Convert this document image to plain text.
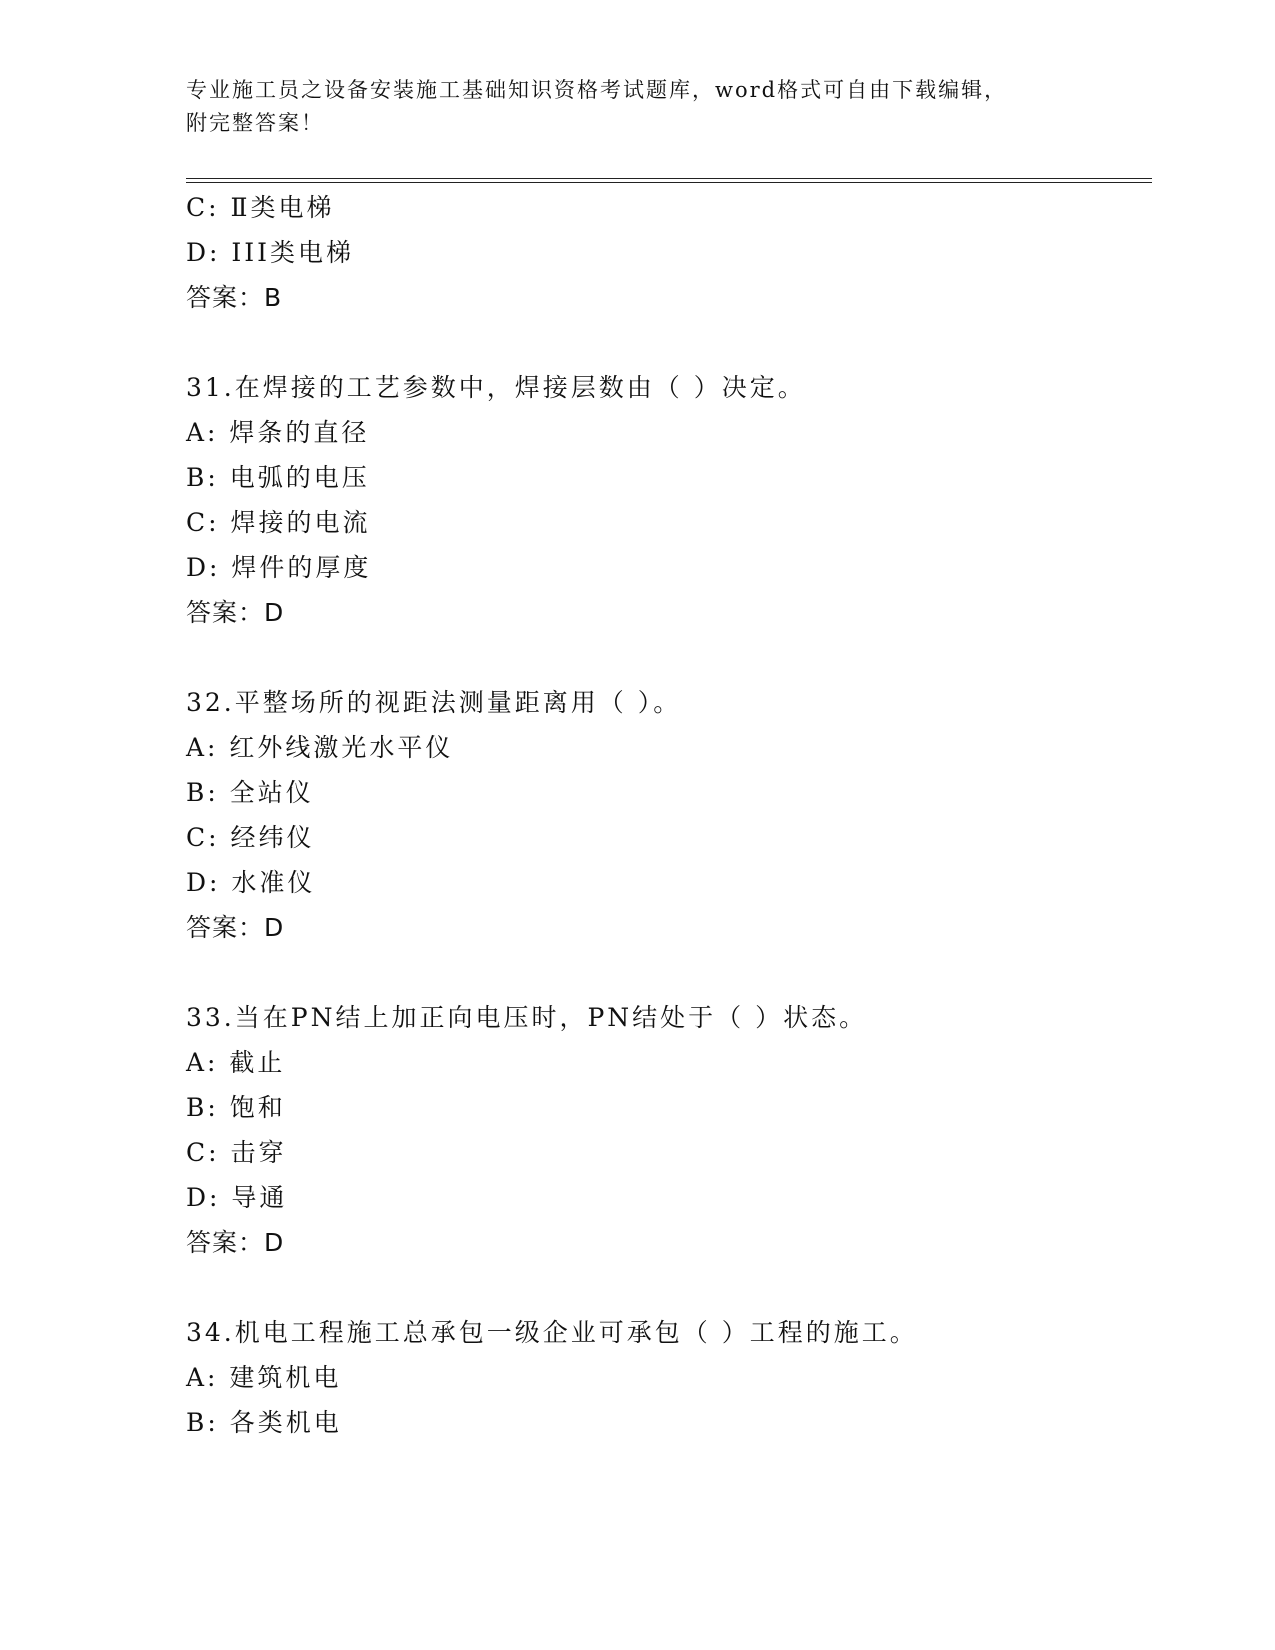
专业施工员之设备安装施工基础知识资格考试题库，word格式可自由下载编辑，
附完整答案！
C: Ⅱ类电梯
D: III类电梯
答案：B
31.在焊接的工艺参数中，焊接层数由（ ）决定。
A: 焊条的直径
B: 电弧的电压
C: 焊接的电流
D: 焊件的厚度
答案：D
32.平整场所的视距法测量距离用（ ）。
A: 红外线激光水平仪
B: 全站仪
C: 经纬仪
D: 水准仪
答案：D
33.当在PN结上加正向电压时，PN结处于（ ）状态。
A: 截止
B: 饱和
C: 击穿
D: 导通
答案：D
34.机电工程施工总承包一级企业可承包（ ）工程的施工。
A: 建筑机电
B: 各类机电
